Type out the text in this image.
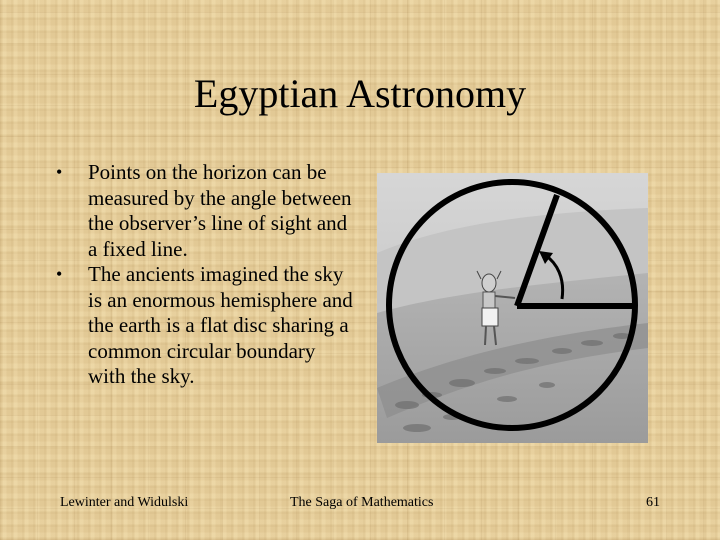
Egyptian Astronomy
•	Points on the horizon can be measured by the angle between the observer’s line of sight and a fixed line.
•	The ancients imagined the sky is an enormous hemisphere and the earth is a flat disc sharing a common circular boundary with the sky.
Lewinter and Widulski	The Saga of Mathematics	61
